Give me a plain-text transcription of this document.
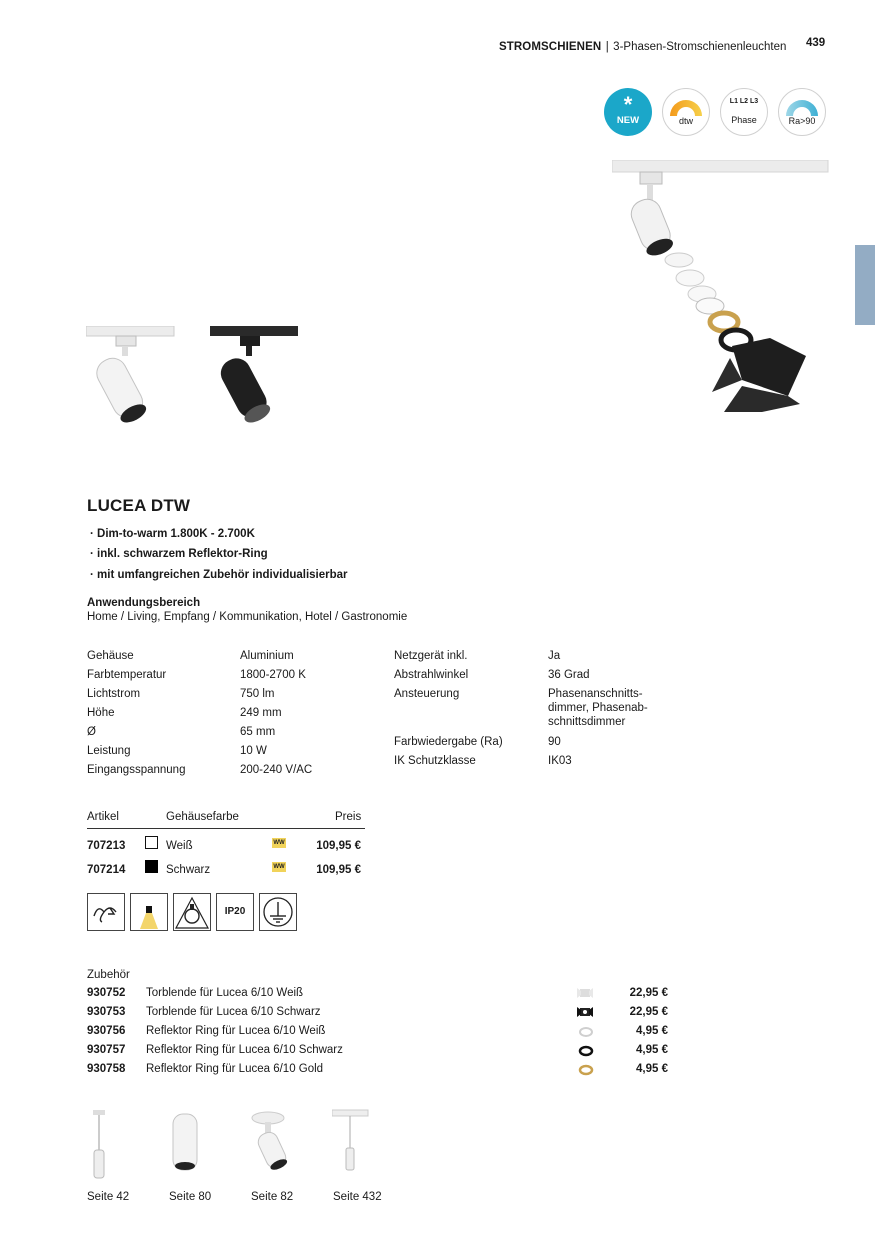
STROMSCHIENEN | 3-Phasen-Stromschienenleuchten 439
*
NEW	dtw
L1 L2 L3
Phase	Ra>90
LUCEA DTW
· Dim-to-warm 1.800K - 2.700K
· inkl. schwarzem Reflektor-Ring
· mit umfangreichen Zubehör individualisierbar
Anwendungsbereich
Home / Living, Empfang / Kommunikation, Hotel / Gastronomie
Gehäuse	Aluminium
Farbtemperatur	1800-2700 K
Lichtstrom	750 lm
Höhe	249 mm
Ø	65 mm
Leistung	10 W
Eingangsspannung	200-240 V/AC
Netzgerät inkl.	Ja
Abstrahlwinkel	36 Grad
Ansteuerung	Phasenanschnitts-
dimmer, Phasenab-
schnittsdimmer
Farbwiedergabe (Ra)	90
IK Schutzklasse	IK03
Artikel	Gehäusefarbe	Preis
707213	Weiß	WW	109,95 €
707214	Schwarz	WW	109,95 €
IP20
Zubehör
930752 Torblende für Lucea 6/10 Weiß	22,95 €
930753 Torblende für Lucea 6/10 Schwarz	22,95 €
930756 Reflektor Ring für Lucea 6/10 Weiß	4,95 €
930757 Reflektor Ring für Lucea 6/10 Schwarz	4,95 €
930758 Reflektor Ring für Lucea 6/10 Gold	4,95 €
Seite 42	Seite 80	Seite 82	Seite 432
